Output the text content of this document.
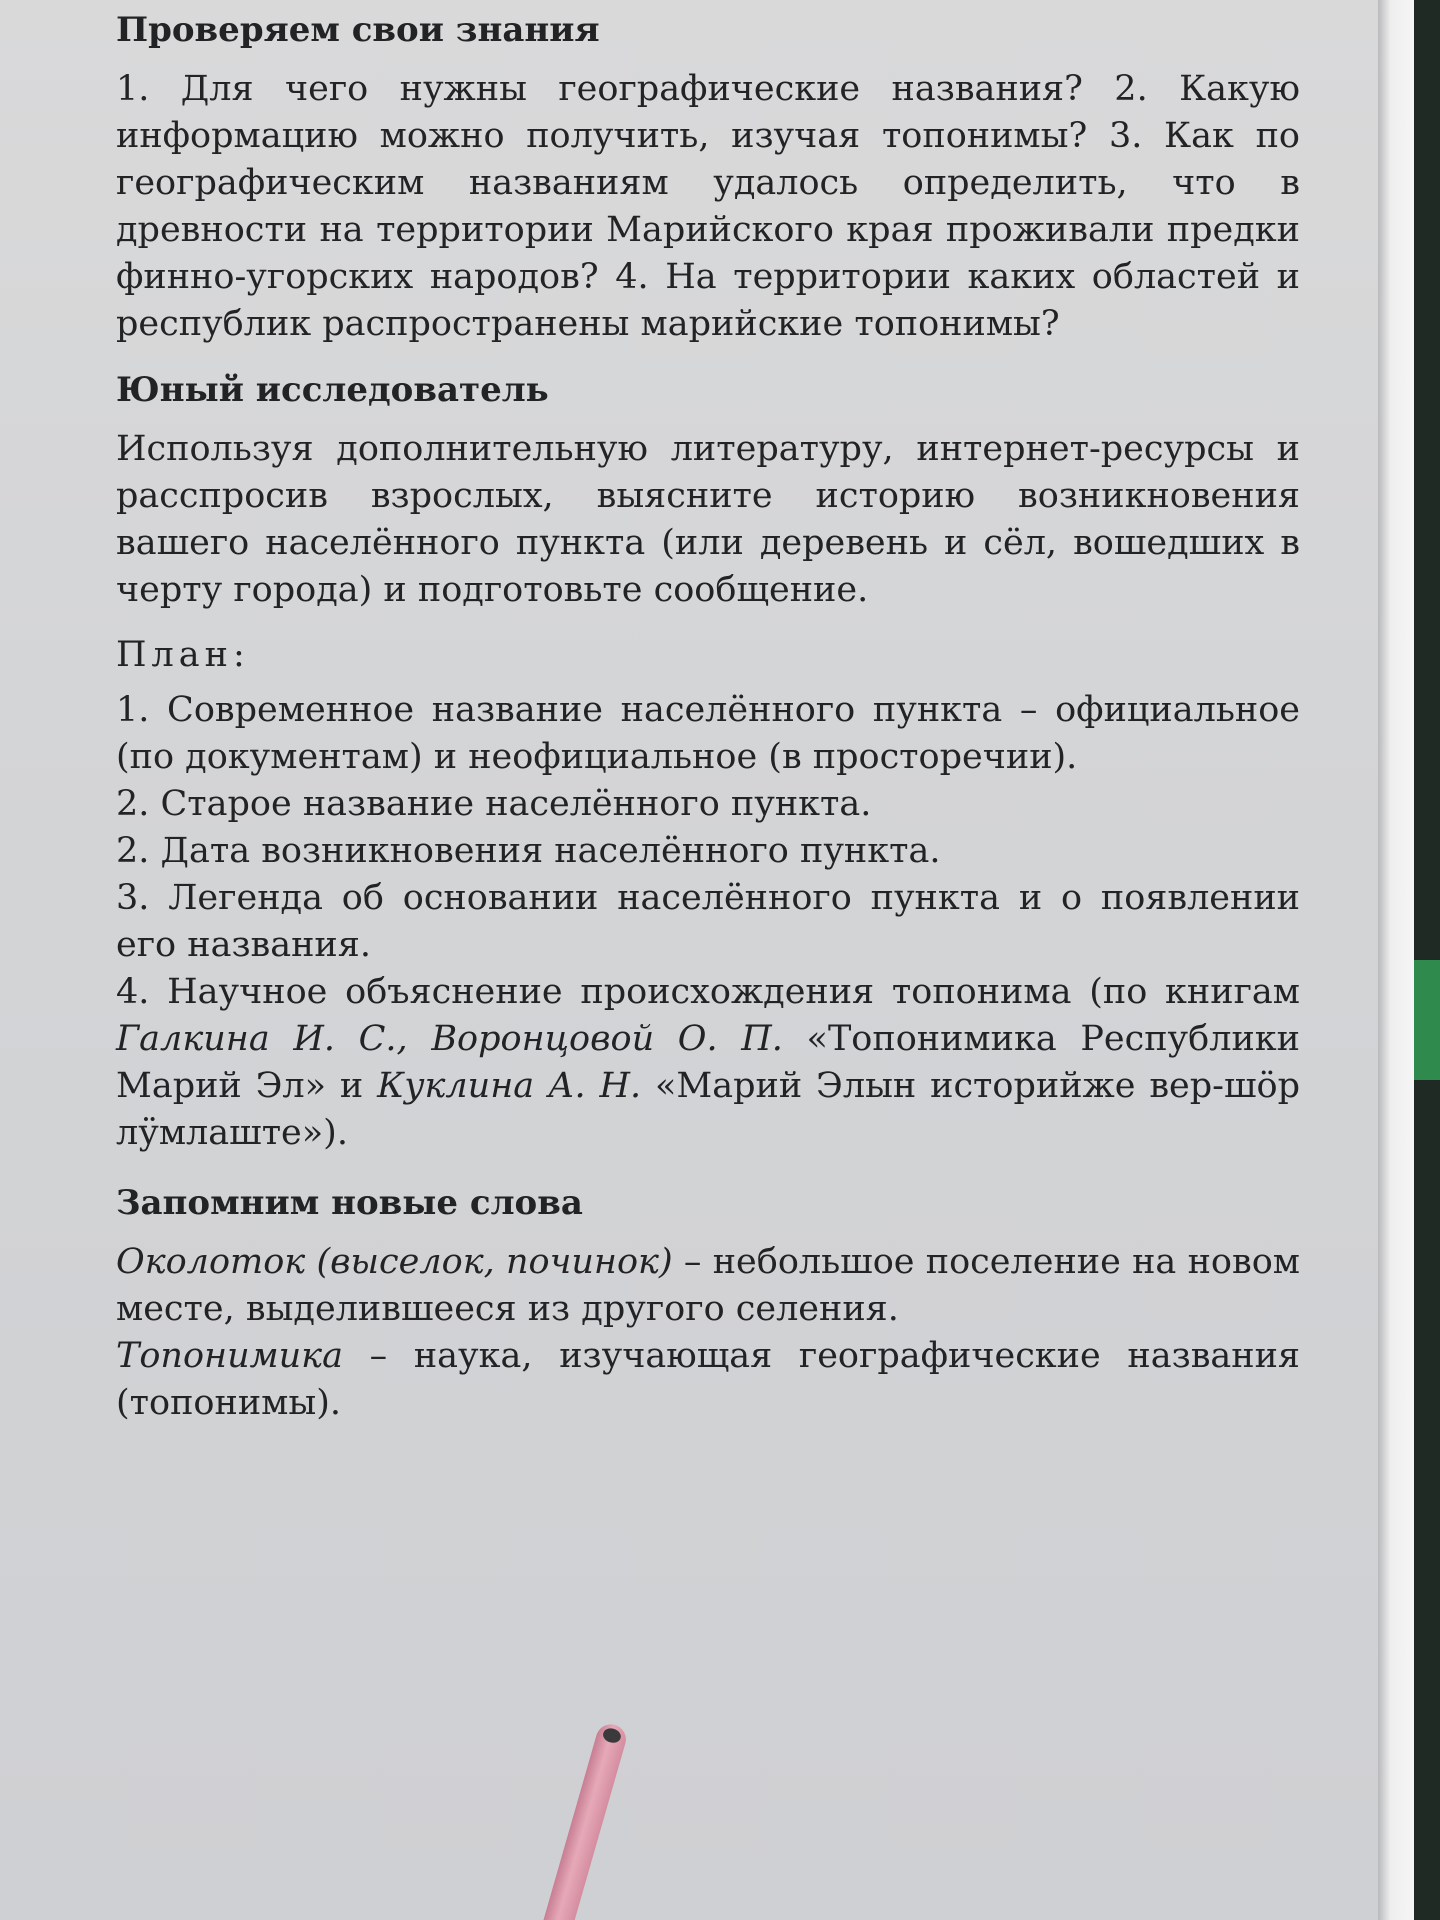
Проверяем свои знания
1. Для чего нужны географические названия? 2. Какую информацию можно получить, изучая топонимы? 3. Как по географическим названиям удалось определить, что в древности на территории Марийского края проживали предки финно-угорских народов? 4. На территории каких областей и республик распространены марийские топонимы?
Юный исследователь
Используя дополнительную литературу, интернет-ресурсы и расспросив взрослых, выясните историю возникновения вашего населённого пункта (или деревень и сёл, вошедших в черту города) и подготовьте сообщение.
План:
1. Современное название населённого пункта – официальное (по документам) и неофициальное (в просторечии).
2. Старое название населённого пункта.
2. Дата возникновения населённого пункта.
3. Легенда об основании населённого пункта и о появлении его названия.
4. Научное объяснение происхождения топонима (по книгам Галкина И. С., Воронцовой О. П. «Топонимика Республики Марий Эл» и Куклина А. Н. «Марий Элын историйже вер-шӧр лӱмлаште»).
Запомним новые слова
Околоток (выселок, починок) – небольшое поселение на новом месте, выделившееся из другого селения.
Топонимика – наука, изучающая географические названия (топонимы).
